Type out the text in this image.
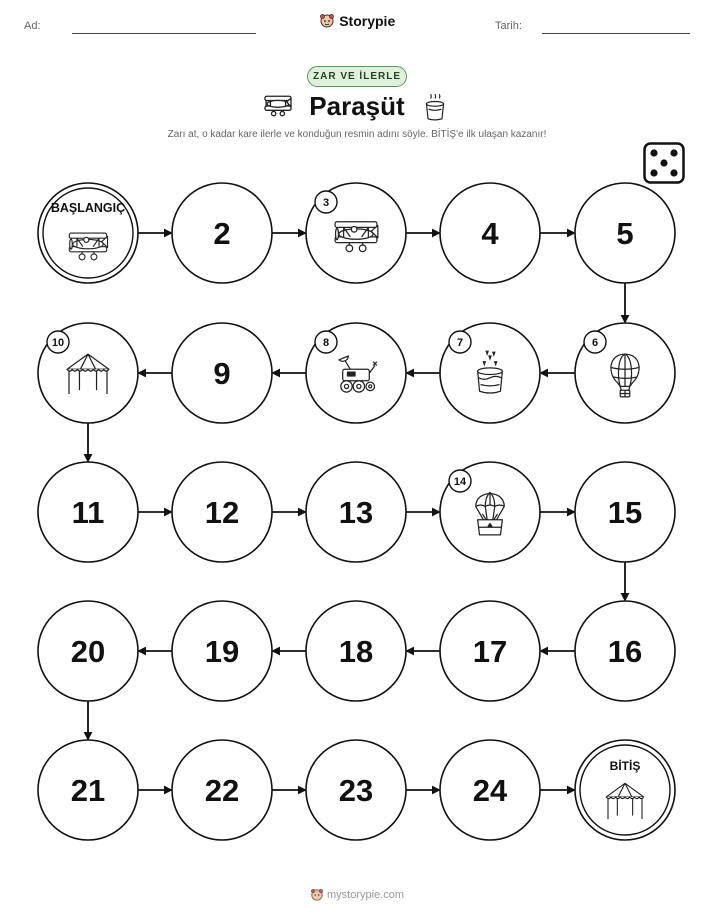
Ad:	Tarih:
Storypie
ZAR VE İLERLE
Paraşüt
Zarı at, o kadar kare ilerle ve konduğun resmin adını söyle. BİTİŞ'e ilk ulaşan kazanır!
BAŞLANGIÇ
2
3
4	5
6
7
8
9
10
11	12	13
14
15
16
17
18
19
20
21	22	23	24
BİTİŞ
mystorypie.com
